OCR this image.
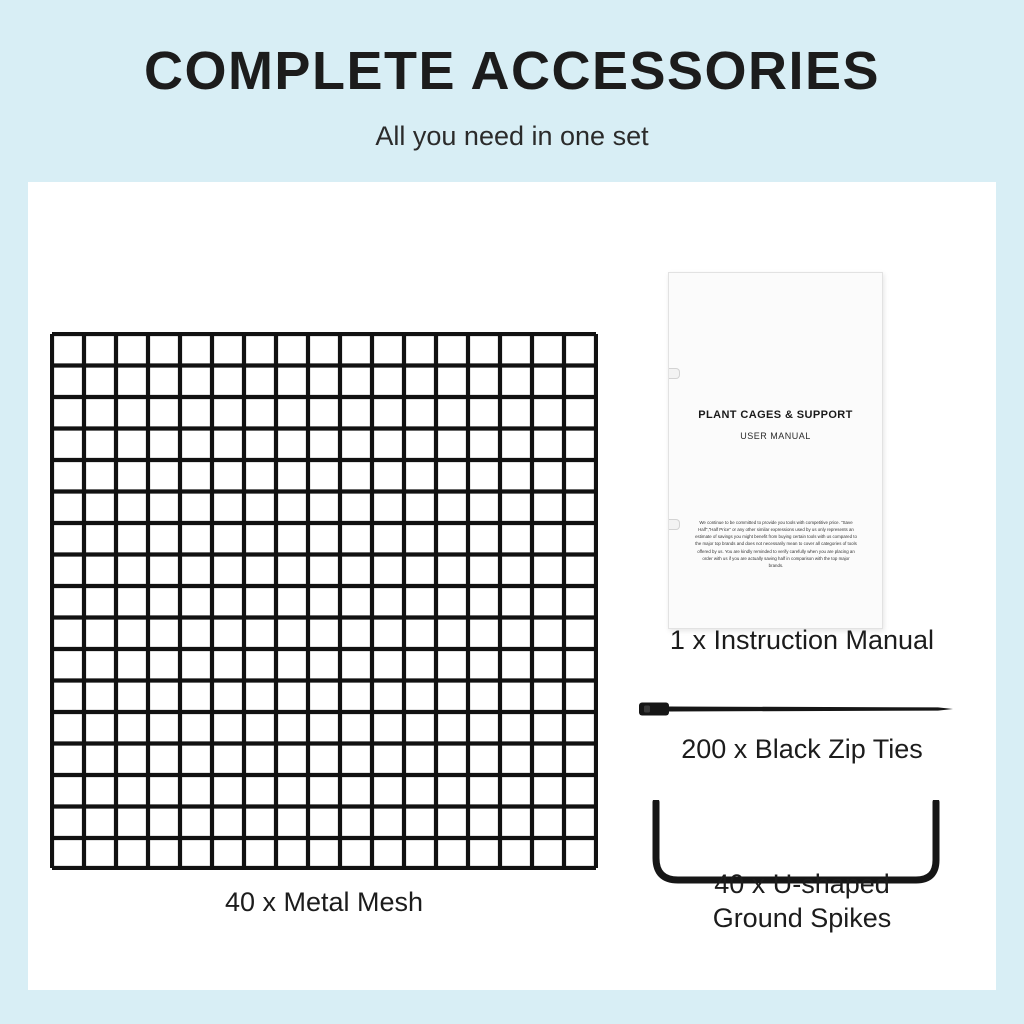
COMPLETE ACCESSORIES
All you need in one set
40 x Metal Mesh
PLANT CAGES & SUPPORT
USER MANUAL
We continue to be committed to provide you tools with competitive price. "Save Half","Half Price" or any other similar expressions used by us only represents an estimate of savings you might benefit from buying certain tools with us compared to the major top brands and does not necessarily mean to cover all categories of tools offered by us. You are kindly reminded to verify carefully when you are placing an order with us if you are actually saving half in comparison with the top major brands.
1 x Instruction Manual
200 x Black Zip Ties
40 x U-shaped
Ground Spikes
